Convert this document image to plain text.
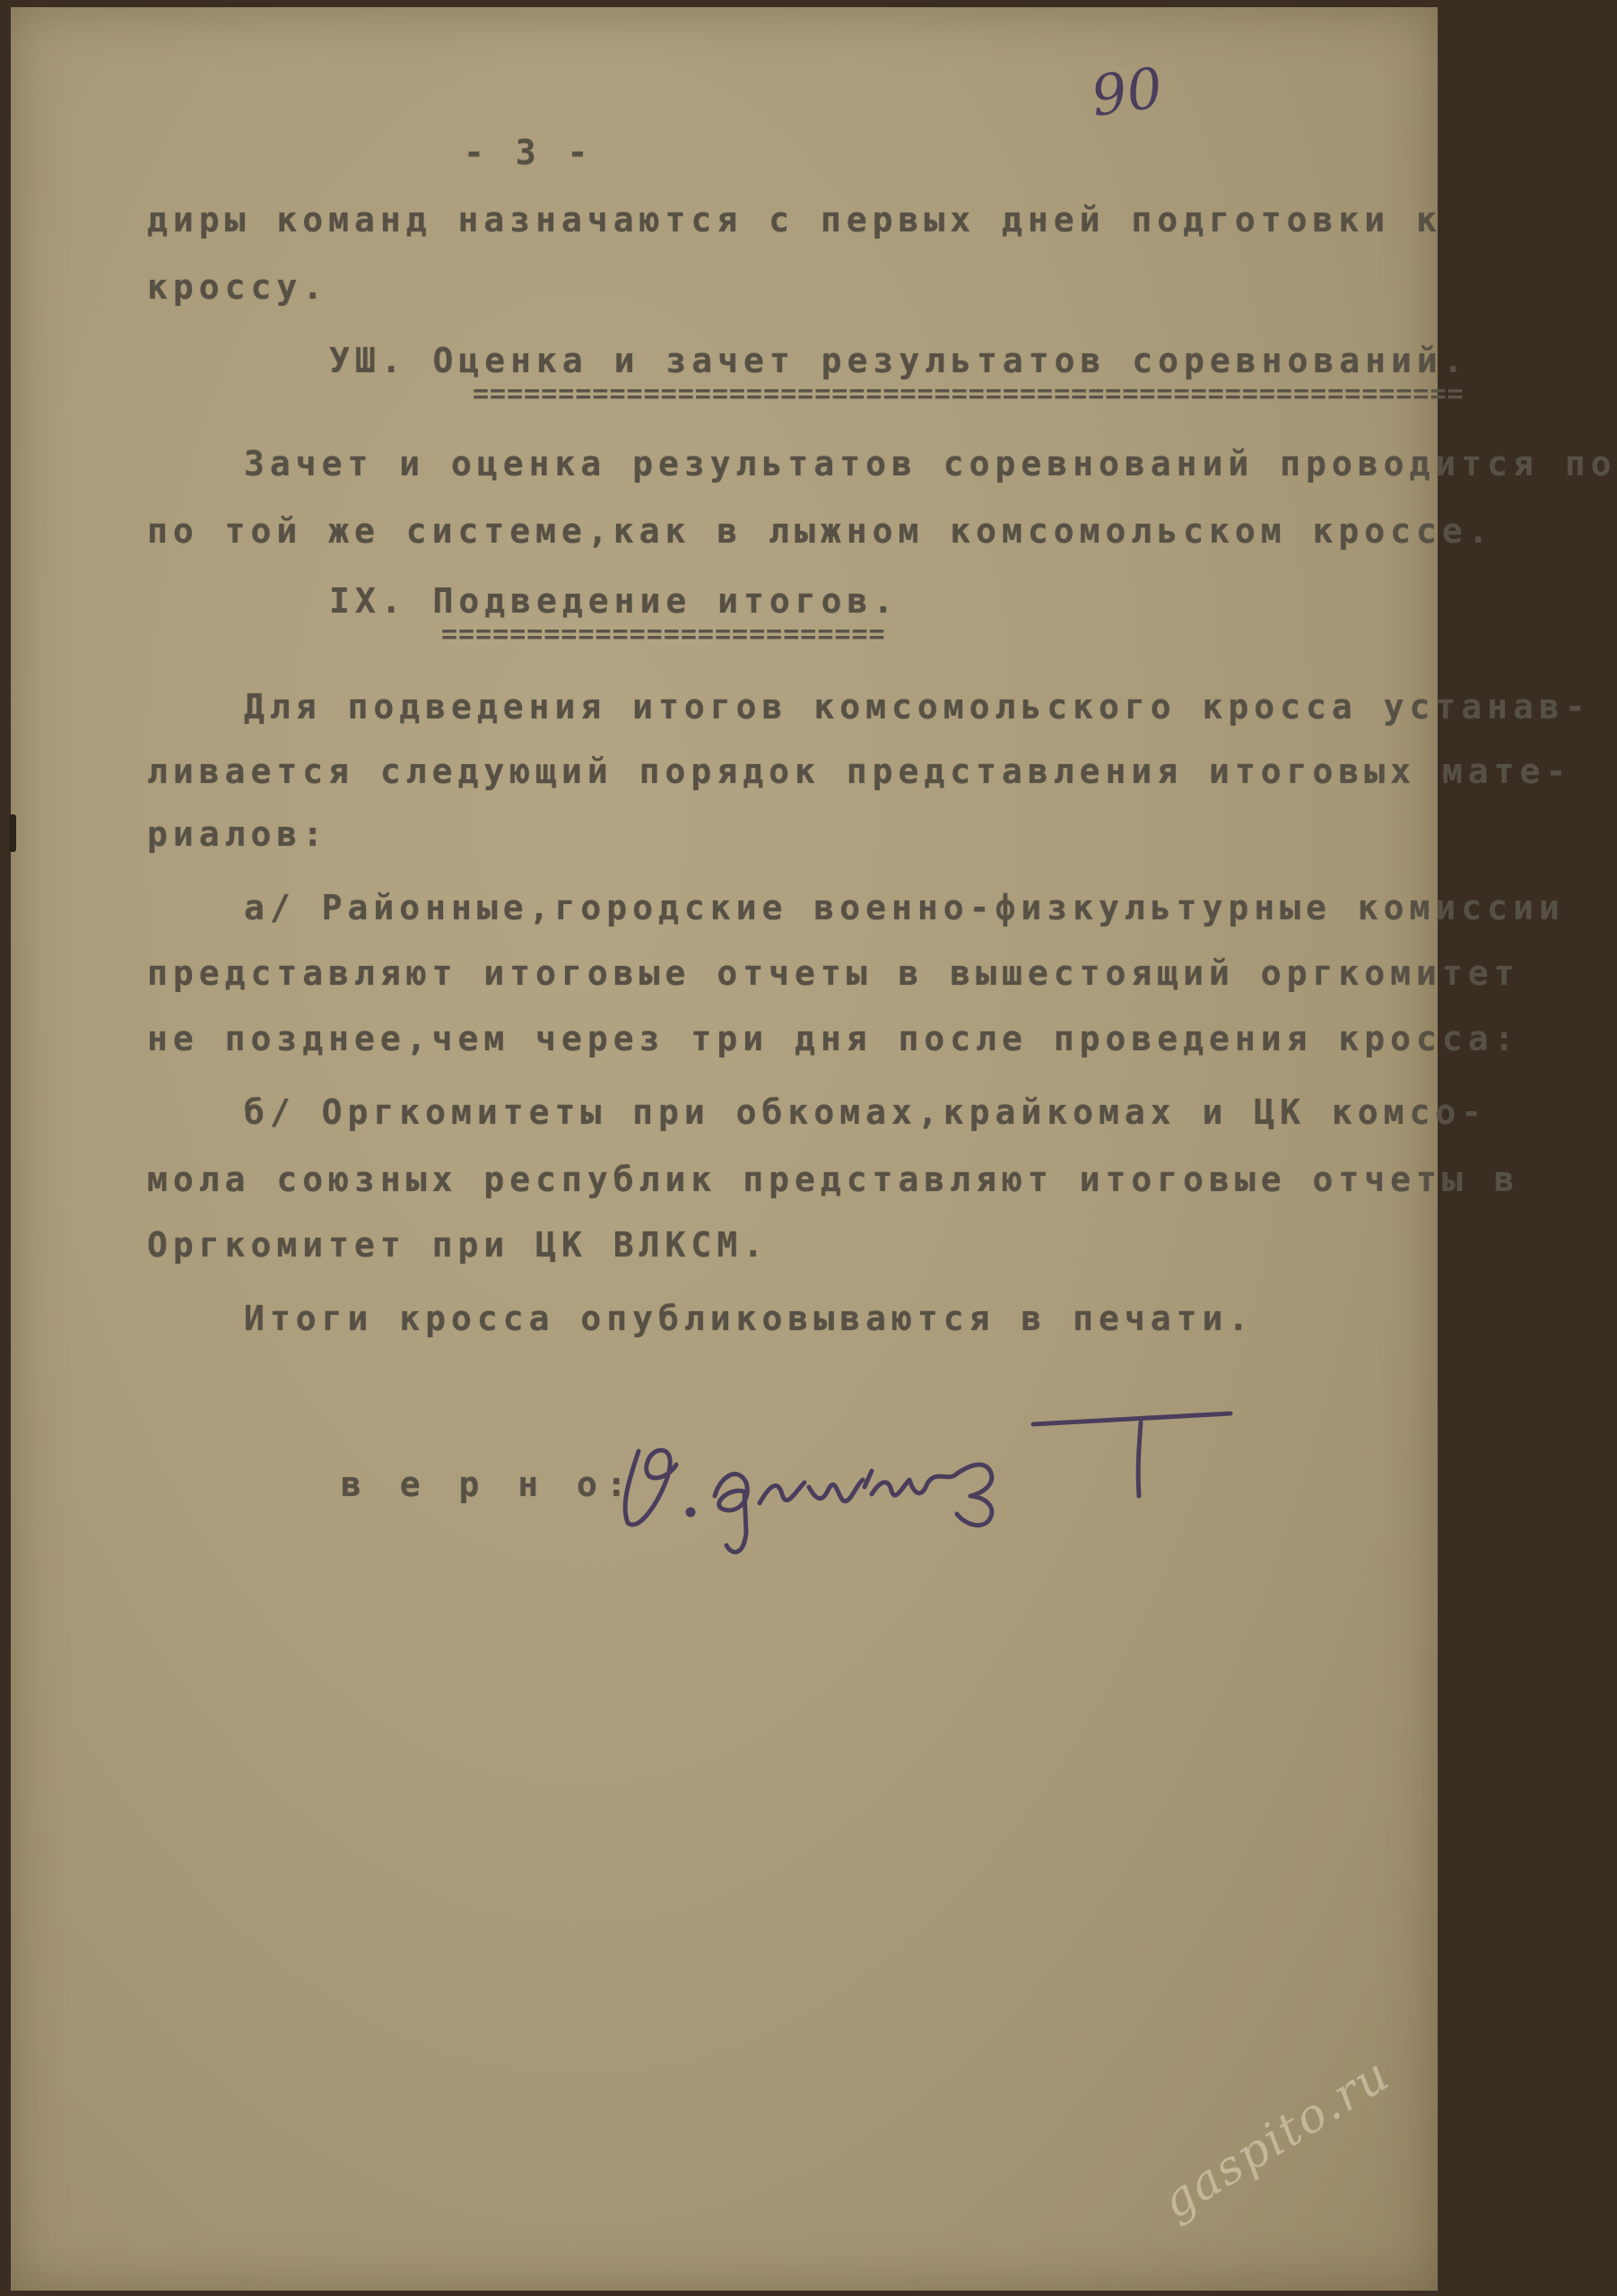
90
- 3 -
диры команд назначаются с первых дней подготовки к
кроссу.
УШ. Оценка и зачет результатов соревнований.
==========================================================
Зачет и оценка результатов соревнований проводится по
по той же системе,как в лыжном комсомольском кроссе.
IX. Подведение итогов.
==========================
Для подведения итогов комсомольского кросса устанав-
ливается следующий порядок представления итоговых мате-
риалов:
а/ Районные,городские военно-физкультурные комиссии
представляют итоговые отчеты в вышестоящий оргкомитет
не позднее,чем через три дня после проведения кросса:
б/ Оргкомитеты при обкомах,крайкомах и ЦК комсо-
мола союзных республик представляют итоговые отчеты в
Оргкомитет при ЦК ВЛКСМ.
Итоги кросса опубликовываются в печати.
в е р н о:
gaspito.ru
